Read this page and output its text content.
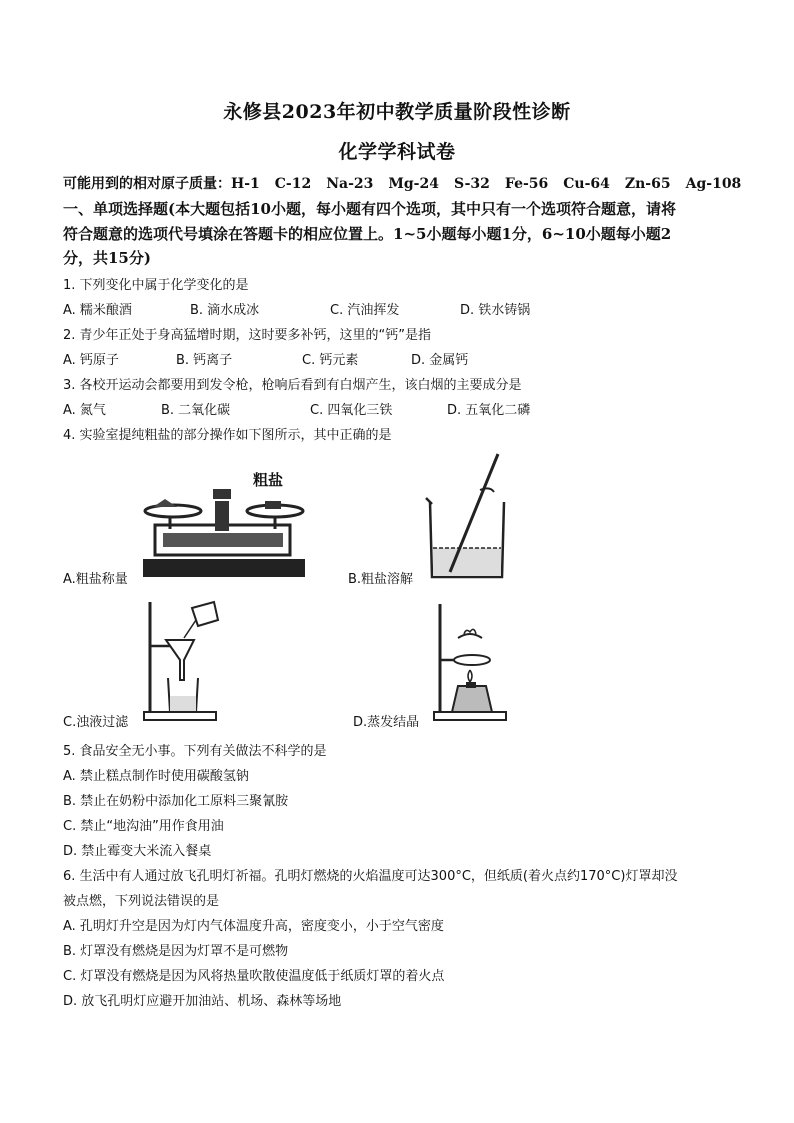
永修县2023年初中教学质量阶段性诊断
化学学科试卷
可能用到的相对原子质量：H-1 C-12 Na-23 Mg-24 S-32 Fe-56 Cu-64 Zn-65 Ag-108
一、单项选择题(本大题包括10小题，每小题有四个选项，其中只有一个选项符合题意，请将
符合题意的选项代号填涂在答题卡的相应位置上。1~5小题每小题1分，6~10小题每小题2
分，共15分)
1. 下列变化中属于化学变化的是
A. 糯米酿酒	B. 滴水成冰	C. 汽油挥发	D. 铁水铸锅
2. 青少年正处于身高猛增时期，这时要多补钙，这里的“钙”是指
A. 钙原子	B. 钙离子	C. 钙元素	D. 金属钙
3. 各校开运动会都要用到发令枪，枪响后看到有白烟产生，该白烟的主要成分是
A. 氮气	B. 二氧化碳	C. 四氧化三铁	D. 五氧化二磷
4. 实验室提纯粗盐的部分操作如下图所示，其中正确的是
粗盐
A.粗盐称量	B.粗盐溶解
C.浊液过滤	D.蒸发结晶
5. 食品安全无小事。下列有关做法不科学的是
A. 禁止糕点制作时使用碳酸氢钠
B. 禁止在奶粉中添加化工原料三聚氰胺
C. 禁止“地沟油”用作食用油
D. 禁止霉变大米流入餐桌
6. 生活中有人通过放飞孔明灯祈福。孔明灯燃烧的火焰温度可达300°C，但纸质(着火点约170°C)灯罩却没
被点燃，下列说法错误的是
A. 孔明灯升空是因为灯内气体温度升高，密度变小，小于空气密度
B. 灯罩没有燃烧是因为灯罩不是可燃物
C. 灯罩没有燃烧是因为风将热量吹散使温度低于纸质灯罩的着火点
D. 放飞孔明灯应避开加油站、机场、森林等场地
